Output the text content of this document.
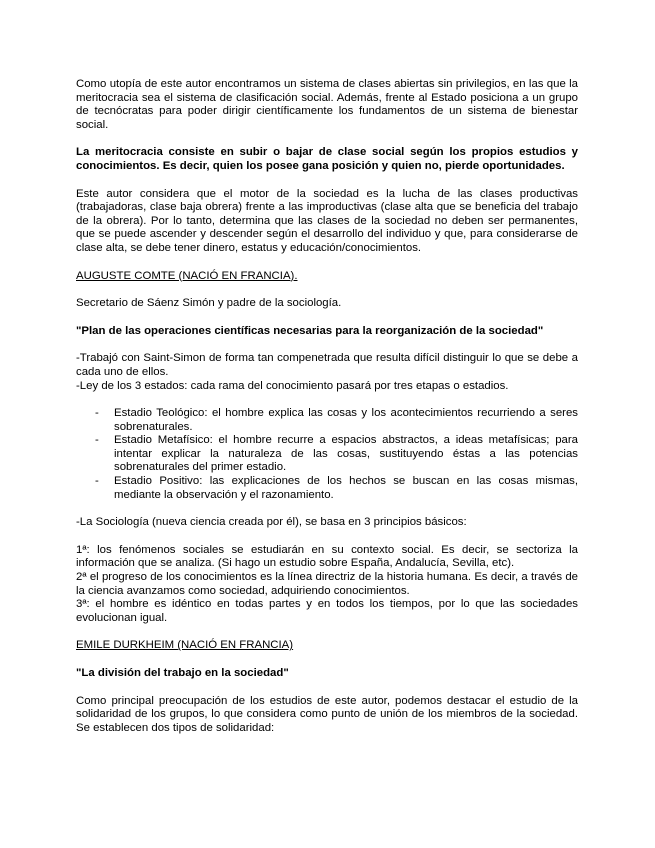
Como utopía de este autor encontramos un sistema de clases abiertas sin privilegios, en las que la meritocracia sea el sistema de clasificación social. Además, frente al Estado posiciona a un grupo de tecnócratas para poder dirigir científicamente los fundamentos de un sistema de bienestar social.

La meritocracia consiste en subir o bajar de clase social según los propios estudios y conocimientos. Es decir, quien los posee gana posición y quien no, pierde oportunidades.

Este autor considera que el motor de la sociedad es la lucha de las clases productivas (trabajadoras, clase baja obrera) frente a las improductivas (clase alta que se beneficia del trabajo de la obrera). Por lo tanto, determina que las clases de la sociedad no deben ser permanentes, que se puede ascender y descender según el desarrollo del individuo y que, para considerarse de clase alta, se debe tener dinero, estatus y educación/conocimientos.

AUGUSTE COMTE (NACIÓ EN FRANCIA).

Secretario de Sáenz Simón y padre de la sociología.

"Plan de las operaciones científicas necesarias para la reorganización de la sociedad"

-Trabajó con Saint-Simon de forma tan compenetrada que resulta difícil distinguir lo que se debe a cada uno de ellos.

-Ley de los 3 estados: cada rama del conocimiento pasará por tres etapas o estadios.

- Estadio Teológico: el hombre explica las cosas y los acontecimientos recurriendo a seres sobrenaturales.
- Estadio Metafísico: el hombre recurre a espacios abstractos, a ideas metafísicas; para intentar explicar la naturaleza de las cosas, sustituyendo éstas a las potencias sobrenaturales del primer estadio.
- Estadio Positivo: las explicaciones de los hechos se buscan en las cosas mismas, mediante la observación y el razonamiento.

-La Sociología (nueva ciencia creada por él), se basa en 3 principios básicos:

1ª: los fenómenos sociales se estudiarán en su contexto social. Es decir, se sectoriza la información que se analiza. (Si hago un estudio sobre España, Andalucía, Sevilla, etc).

2ª el progreso de los conocimientos es la línea directriz de la historia humana. Es decir, a través de la ciencia avanzamos como sociedad, adquiriendo conocimientos.

3ª: el hombre es idéntico en todas partes y en todos los tiempos, por lo que las sociedades evolucionan igual.

EMILE DURKHEIM (NACIÓ EN FRANCIA)

"La división del trabajo en la sociedad"

Como principal preocupación de los estudios de este autor, podemos destacar el estudio de la solidaridad de los grupos, lo que considera como punto de unión de los miembros de la sociedad. Se establecen dos tipos de solidaridad:
